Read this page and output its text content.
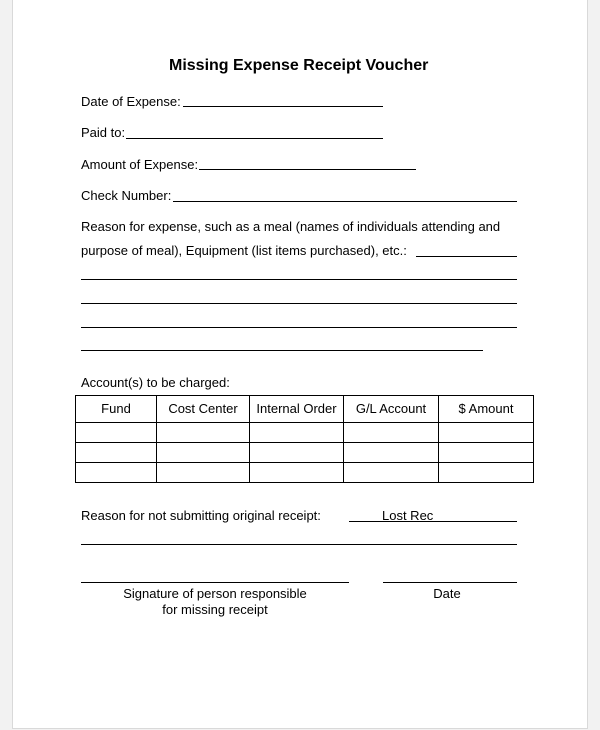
Missing Expense Receipt Voucher
Date of Expense:
Paid to:
Amount of Expense:
Check Number:
Reason for expense, such as a meal (names of individuals attending and
purpose of meal), Equipment (list items purchased), etc.:
Account(s) to be charged:
Fund	Cost Center	Internal Order	G/L Account	$ Amount

Reason for not submitting original receipt:	Lost Rec
Signature of person responsible
for missing receipt
Date
